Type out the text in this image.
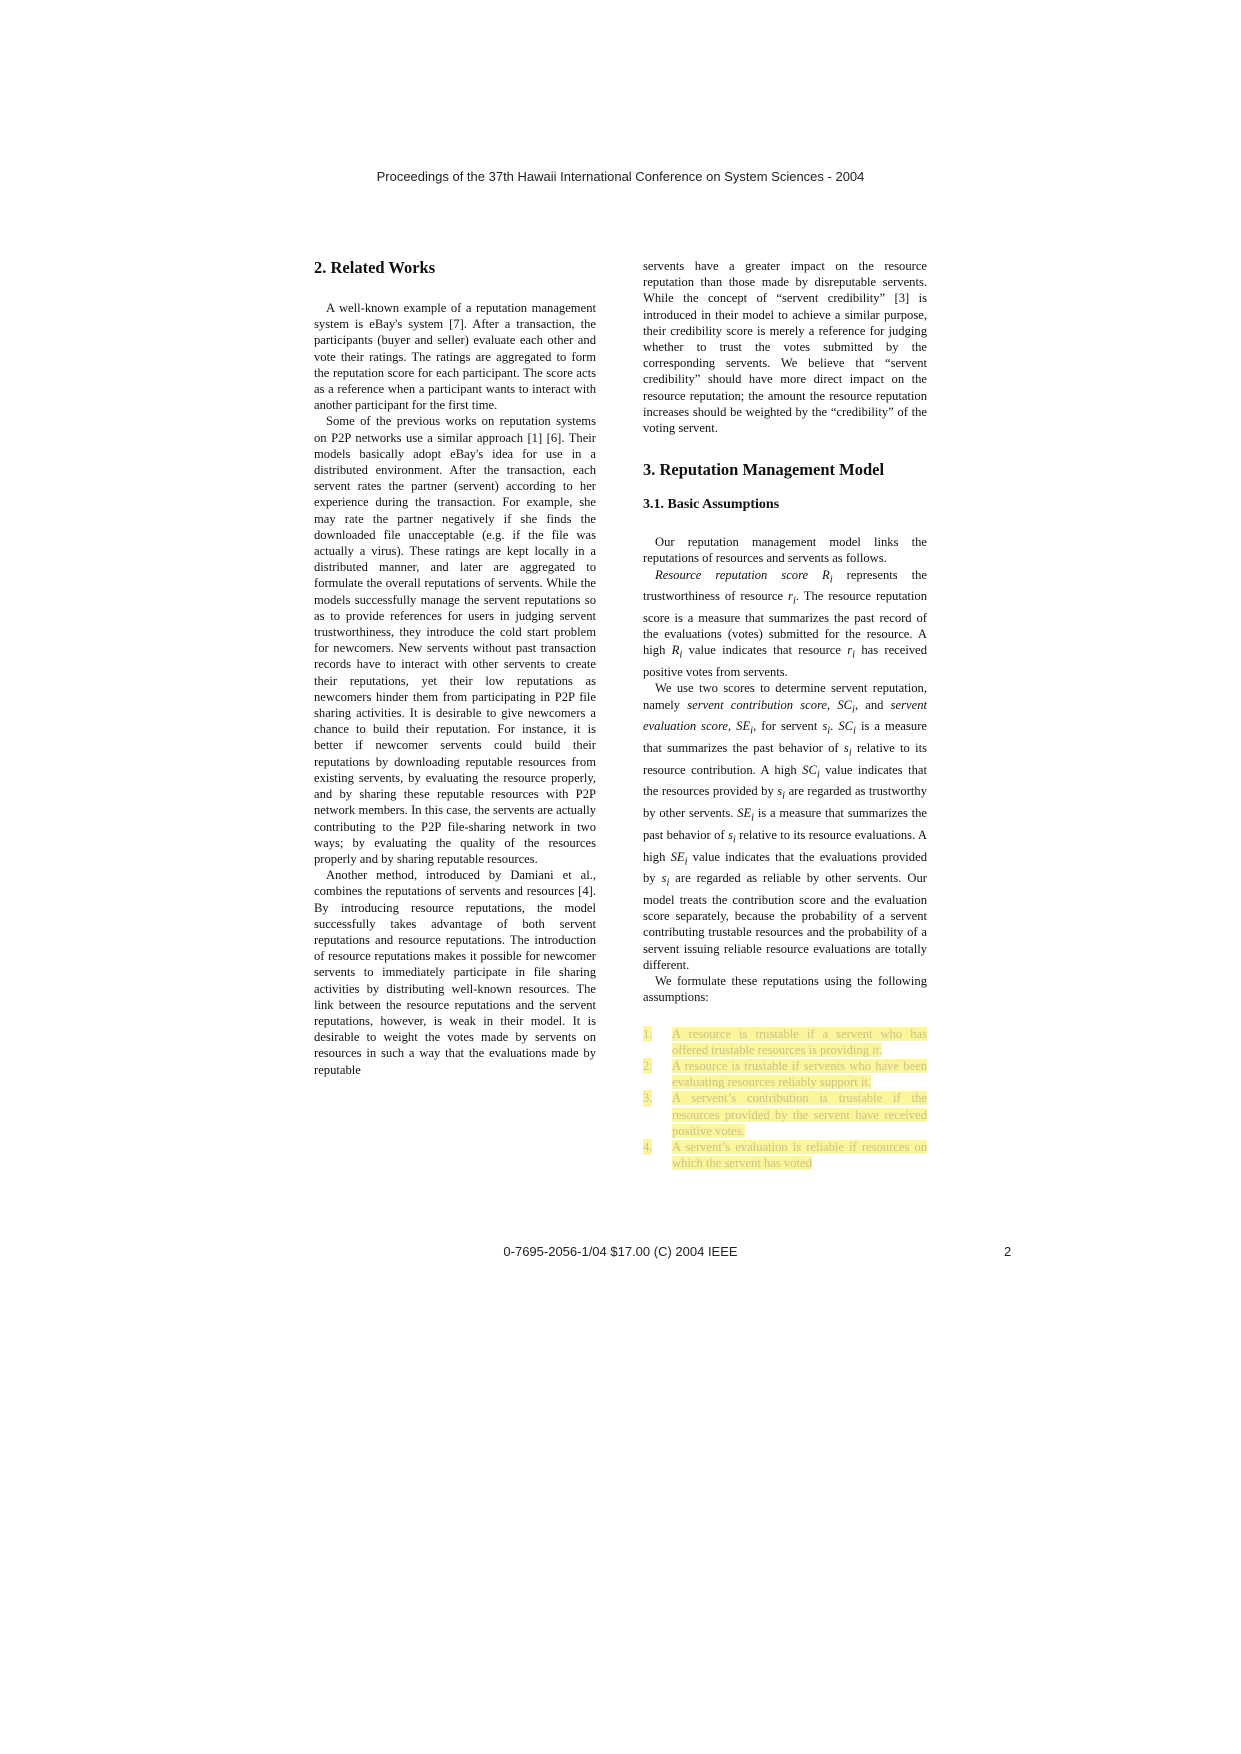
Proceedings of the 37th Hawaii International Conference on System Sciences - 2004
2. Related Works

A well-known example of a reputation management system is eBay's system [7]. After a transaction, the participants (buyer and seller) evaluate each other and vote their ratings. The ratings are aggregated to form the reputation score for each participant. The score acts as a reference when a participant wants to interact with another participant for the first time.

Some of the previous works on reputation systems on P2P networks use a similar approach [1] [6]. Their models basically adopt eBay's idea for use in a distributed environment. After the transaction, each servent rates the partner (servent) according to her experience during the transaction. For example, she may rate the partner negatively if she finds the downloaded file unacceptable (e.g. if the file was actually a virus). These ratings are kept locally in a distributed manner, and later are aggregated to formulate the overall reputations of servents. While the models successfully manage the servent reputations so as to provide references for users in judging servent trustworthiness, they introduce the cold start problem for newcomers. New servents without past transaction records have to interact with other servents to create their reputations, yet their low reputations as newcomers hinder them from participating in P2P file sharing activities. It is desirable to give newcomers a chance to build their reputation. For instance, it is better if newcomer servents could build their reputations by downloading reputable resources from existing servents, by evaluating the resource properly, and by sharing these reputable resources with P2P network members. In this case, the servents are actually contributing to the P2P file-sharing network in two ways; by evaluating the quality of the resources properly and by sharing reputable resources.

Another method, introduced by Damiani et al., combines the reputations of servents and resources [4]. By introducing resource reputations, the model successfully takes advantage of both servent reputations and resource reputations. The introduction of resource reputations makes it possible for newcomer servents to immediately participate in file sharing activities by distributing well-known resources. The link between the resource reputations and the servent reputations, however, is weak in their model. It is desirable to weight the votes made by servents on resources in such a way that the evaluations made by reputable

servents have a greater impact on the resource reputation than those made by disreputable servents. While the concept of “servent credibility” [3] is introduced in their model to achieve a similar purpose, their credibility score is merely a reference for judging whether to trust the votes submitted by the corresponding servents. We believe that “servent credibility” should have more direct impact on the resource reputation; the amount the resource reputation increases should be weighted by the “credibility” of the voting servent.

3. Reputation Management Model
3.1. Basic Assumptions

Our reputation management model links the reputations of resources and servents as follows.

Resource reputation score $R_i$ represents the trustworthiness of resource $r_i$. The resource reputation score is a measure that summarizes the past record of the evaluations (votes) submitted for the resource. A high $R_i$ value indicates that resource $r_i$ has received positive votes from servents.

We use two scores to determine servent reputation, namely servent contribution score, $SC_i$, and servent evaluation score, $SE_i$, for servent $s_i$. $SC_i$ is a measure that summarizes the past behavior of $s_i$ relative to its resource contribution. A high $SC_i$ value indicates that the resources provided by $s_i$ are regarded as trustworthy by other servents. $SE_i$ is a measure that summarizes the past behavior of $s_i$ relative to its resource evaluations. A high $SE_i$ value indicates that the evaluations provided by $s_i$ are regarded as reliable by other servents. Our model treats the contribution score and the evaluation score separately, because the probability of a servent contributing trustable resources and the probability of a servent issuing reliable resource evaluations are totally different.

We formulate these reputations using the following assumptions:

1. A resource is trustable if a servent who has offered trustable resources is providing it.
2. A resource is trustable if servents who have been evaluating resources reliably support it.
3. A servent’s contribution is trustable if the resources provided by the servent have received positive votes.
4. A servent’s evaluation is reliable if resources on which the servent has voted
0-7695-2056-1/04 $17.00 (C) 2004 IEEE	2
